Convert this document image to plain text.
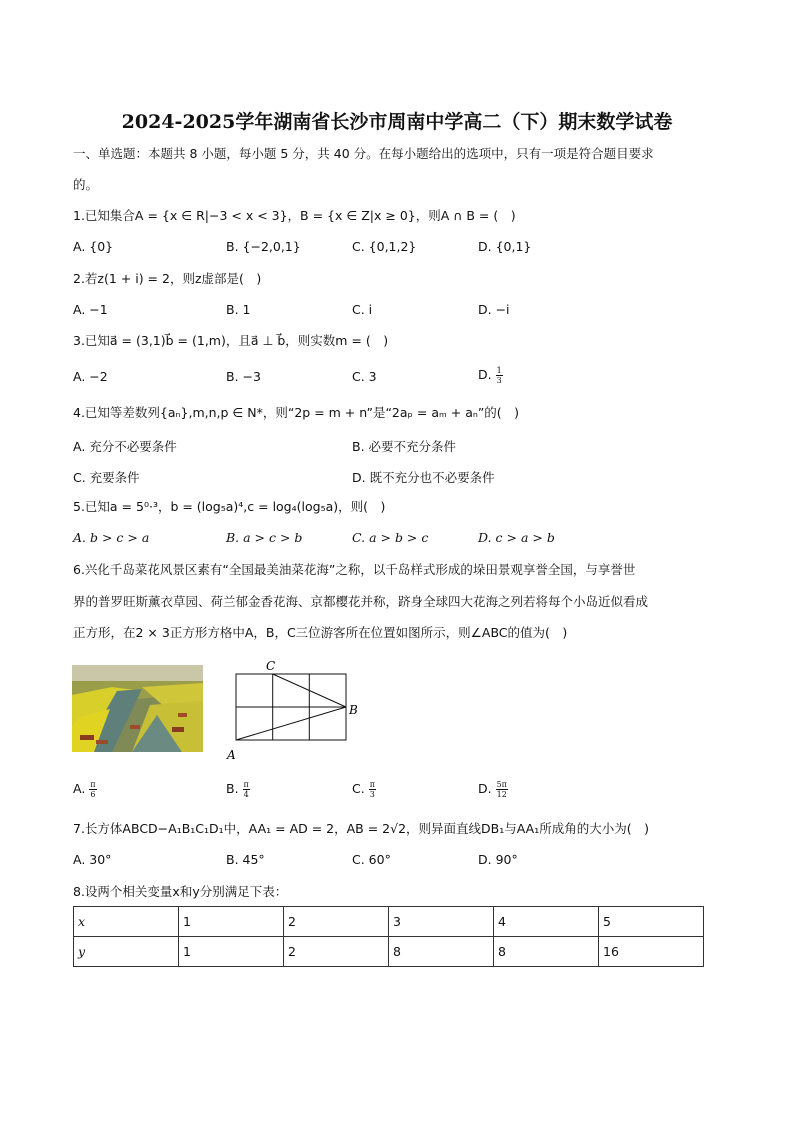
2024-2025学年湖南省长沙市周南中学高二（下）期末数学试卷
一、单选题：本题共 8 小题，每小题 5 分，共 40 分。在每小题给出的选项中，只有一项是符合题目要求
的。
1.已知集合A = {x ∈ R|−3 < x < 3}，B = {x ∈ Z|x ≥ 0}，则A ∩ B = (　)
A. {0}	B. {−2,0,1}	C. {0,1,2}	D. {0,1}
2.若z(1 + i) = 2，则z虚部是(　)
A. −1	B. 1	C. i	D. −i
3.已知a⃗ = (3,1)b⃗ = (1,m)，且a⃗ ⊥ b⃗，则实数m = (　)
A. −2	B. −3	C. 3	D. $\frac{1}{3}$
4.已知等差数列{aₙ},m,n,p ∈ N*，则“2p = m + n”是“2aₚ = aₘ + aₙ”的(　)
A. 充分不必要条件	B. 必要不充分条件
C. 充要条件	D. 既不充分也不必要条件
5.已知a = 5⁰·³，b = (log₅a)⁴,c = log₄(log₅a)，则(　)
A. b > c > a	B. a > c > b	C. a > b > c	D. c > a > b
6.兴化千岛菜花风景区素有“全国最美油菜花海”之称，以千岛样式形成的垛田景观享誉全国，与享誉世
界的普罗旺斯薰衣草园、荷兰郁金香花海、京都樱花并称，跻身全球四大花海之列若将每个小岛近似看成
正方形，在2 × 3正方形方格中A，B，C三位游客所在位置如图所示，则∠ABC的值为(　)
C
B
A
A. $\frac{\pi}{6}$	B. $\frac{\pi}{4}$	C. $\frac{\pi}{3}$	D. $\frac{5\pi}{12}$
7.长方体ABCD−A₁B₁C₁D₁中，AA₁ = AD = 2，AB = 2√2，则异面直线DB₁与AA₁所成角的大小为(　)
A. 30°	B. 45°	C. 60°	D. 90°
8.设两个相关变量x和y分别满足下表：
x	1	2	3	4	5
y	1	2	8	8	16
